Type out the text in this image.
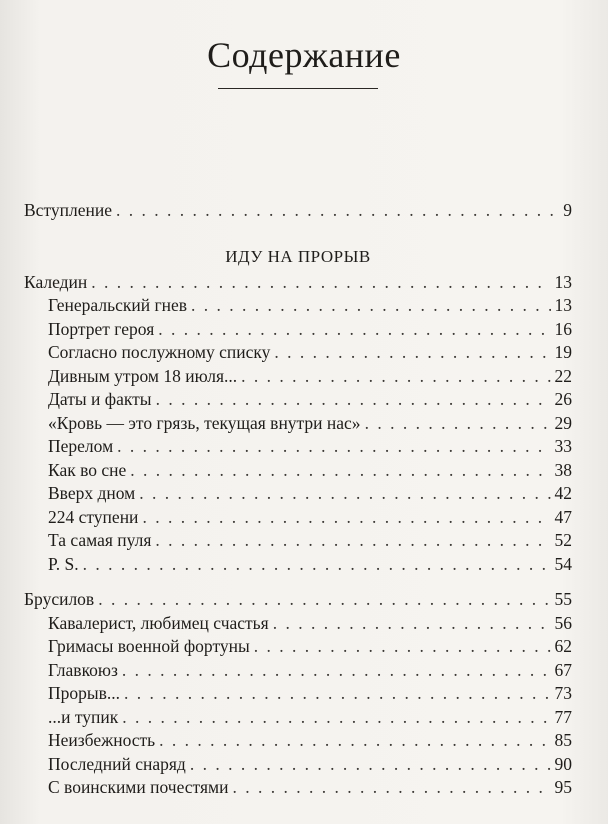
Содержание
Вступление . . .	9
ИДУ НА ПРОРЫВ
Каледин . . .	13
Генеральский гнев . . .	13
Портрет героя . . .	16
Согласно послужному списку . . .	19
Дивным утром 18 июля... . . .	22
Даты и факты . . .	26
«Кровь — это грязь, текущая внутри нас» . . .	29
Перелом . . .	33
Как во сне . . .	38
Вверх дном . . .	42
224 ступени . . .	47
Та самая пуля . . .	52
P. S. . . .	54
Брусилов . . .	55
Кавалерист, любимец счастья . . .	56
Гримасы военной фортуны . . .	62
Главкоюз . . .	67
Прорыв... . . .	73
...и тупик . . .	77
Неизбежность . . .	85
Последний снаряд . . .	90
С воинскими почестями . . .	95
